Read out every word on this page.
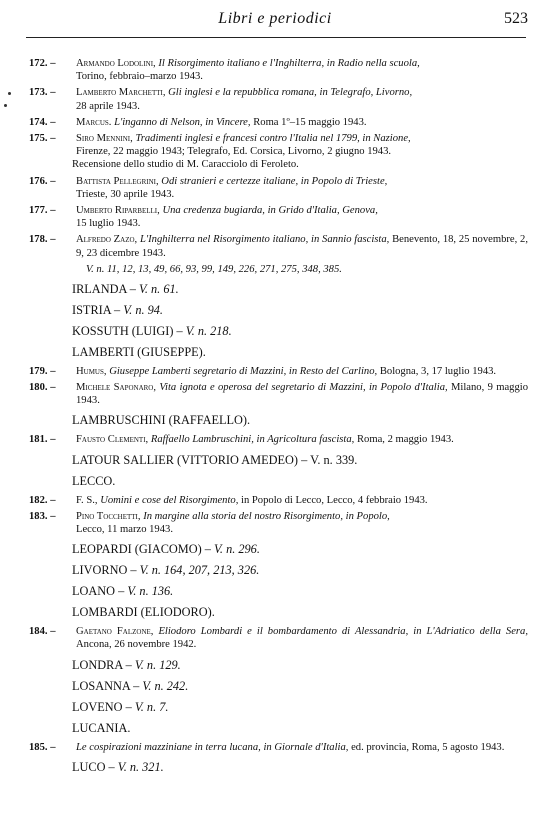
Libri e periodici	523
172. – Armando Lodolini, Il Risorgimento italiano e l'Inghilterra, in Radio nella scuola,
Torino, febbraio–marzo 1943.
173. – Lamberto Marchetti, Gli inglesi e la repubblica romana, in Telegrafo, Livorno,
28 aprile 1943.
174. – Marcus. L'inganno di Nelson, in Vincere, Roma 1º–15 maggio 1943.
175. – Siro Mennini, Tradimenti inglesi e francesi contro l'Italia nel 1799, in Nazione,
Firenze, 22 maggio 1943; Telegrafo, Ed. Corsica, Livorno, 2 giugno 1943.
Recensione dello studio di M. Caracciolo di Feroleto.
176. – Battista Pellegrini, Odi stranieri e certezze italiane, in Popolo di Trieste,
Trieste, 30 aprile 1943.
177. – Umberto Riparbelli, Una credenza bugiarda, in Grido d'Italia, Genova,
15 luglio 1943.
178. – Alfredo Zazo, L'Inghilterra nel Risorgimento italiano, in Sannio fascista, Benevento, 18, 25 novembre, 2, 9, 23 dicembre 1943.
V. n. 11, 12, 13, 49, 66, 93, 99, 149, 226, 271, 275, 348, 385.
IRLANDA – V. n. 61.
ISTRIA – V. n. 94.
KOSSUTH (LUIGI) – V. n. 218.
LAMBERTI (GIUSEPPE).
179. – Humus, Giuseppe Lamberti segretario di Mazzini, in Resto del Carlino, Bologna, 3, 17 luglio 1943.
180. – Michele Saponaro, Vita ignota e operosa del segretario di Mazzini, in Popolo d'Italia, Milano, 9 maggio 1943.
LAMBRUSCHINI (RAFFAELLO).
181. – Fausto Clementi, Raffaello Lambruschini, in Agricoltura fascista, Roma, 2 maggio 1943.
LATOUR SALLIER (VITTORIO AMEDEO) – V. n. 339.
LECCO.
182. – F. S., Uomini e cose del Risorgimento, in Popolo di Lecco, Lecco, 4 febbraio 1943.
183. – Pino Tocchetti, In margine alla storia del nostro Risorgimento, in Popolo,
Lecco, 11 marzo 1943.
LEOPARDI (GIACOMO) – V. n. 296.
LIVORNO – V. n. 164, 207, 213, 326.
LOANO – V. n. 136.
LOMBARDI (ELIODORO).
184. – Gaetano Falzone, Eliodoro Lombardi e il bombardamento di Alessandria, in L'Adriatico della Sera, Ancona, 26 novembre 1942.
LONDRA – V. n. 129.
LOSANNA – V. n. 242.
LOVENO – V. n. 7.
LUCANIA.
185. – Le cospirazioni mazziniane in terra lucana, in Giornale d'Italia, ed. provincia, Roma, 5 agosto 1943.
LUCO – V. n. 321.
